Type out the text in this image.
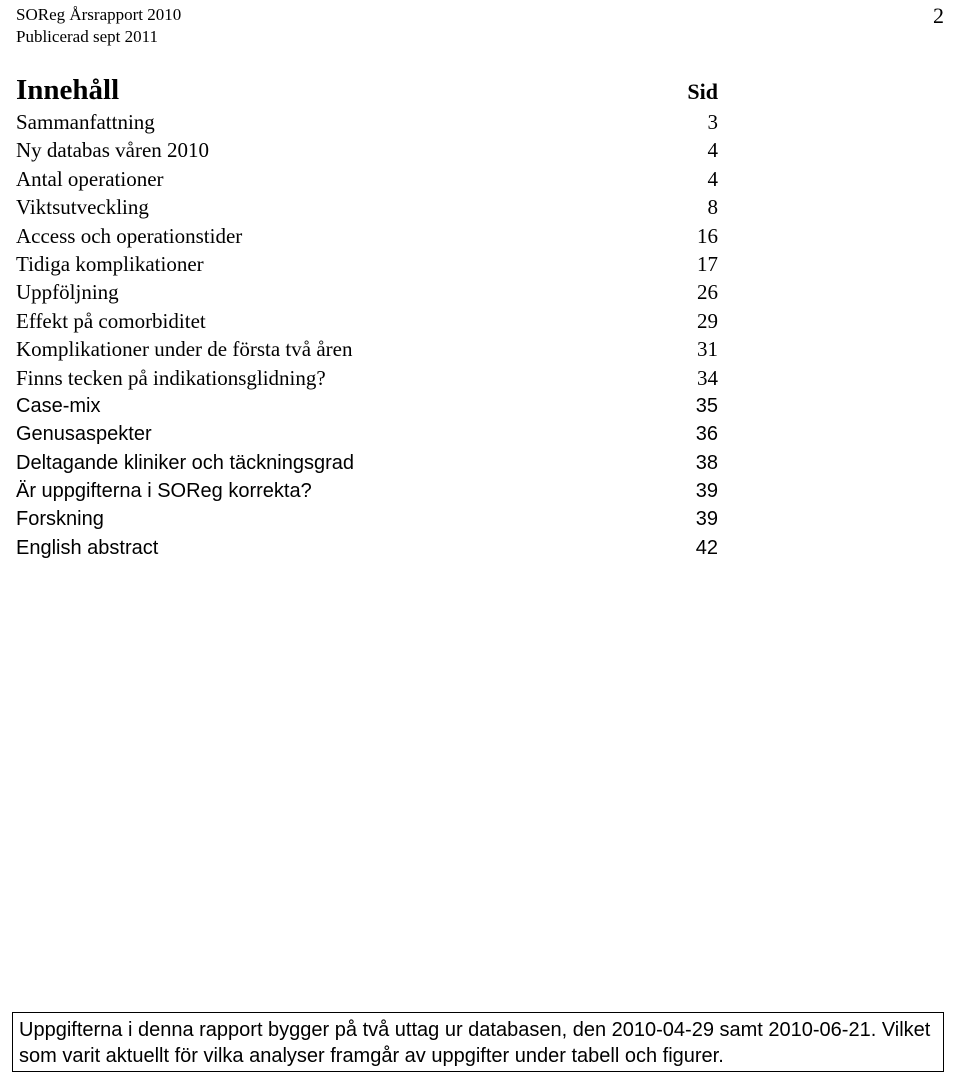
SOReg Årsrapport 2010
Publicerad sept 2011
2
Innehåll	Sid
Sammanfattning	3
Ny databas våren 2010	4
Antal operationer	4
Viktsutveckling	8
Access och operationstider	16
Tidiga komplikationer	17
Uppföljning	26
Effekt på comorbiditet	29
Komplikationer under de första två åren	31
Finns tecken på indikationsglidning?	34
Case-mix	35
Genusaspekter	36
Deltagande kliniker och täckningsgrad	38
Är uppgifterna i SOReg korrekta?	39
Forskning	39
English abstract	42
Uppgifterna i denna rapport bygger på två uttag ur databasen, den 2010-04-29 samt 2010-06-21. Vilket som varit aktuellt för vilka analyser framgår av uppgifter under tabell och figurer.
